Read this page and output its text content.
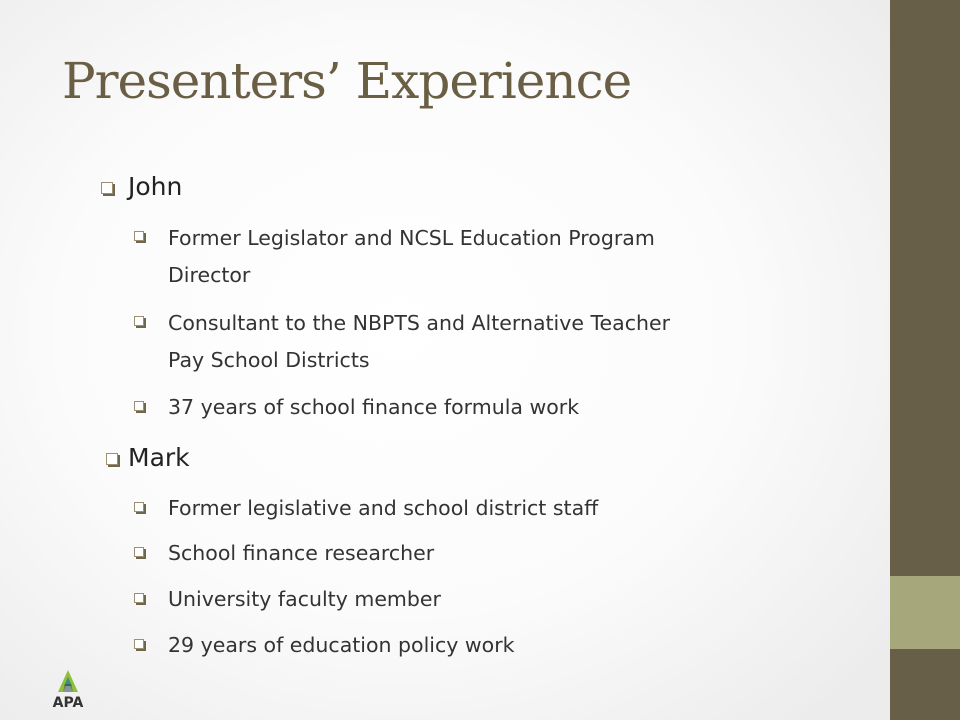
Presenters’ Experience
John
Former Legislator and NCSL Education Program
Director
Consultant to the NBPTS and Alternative Teacher
Pay School Districts
37 years of school finance formula work
Mark
Former legislative and school district staff
School finance researcher
University faculty member
29 years of education policy work
APA
